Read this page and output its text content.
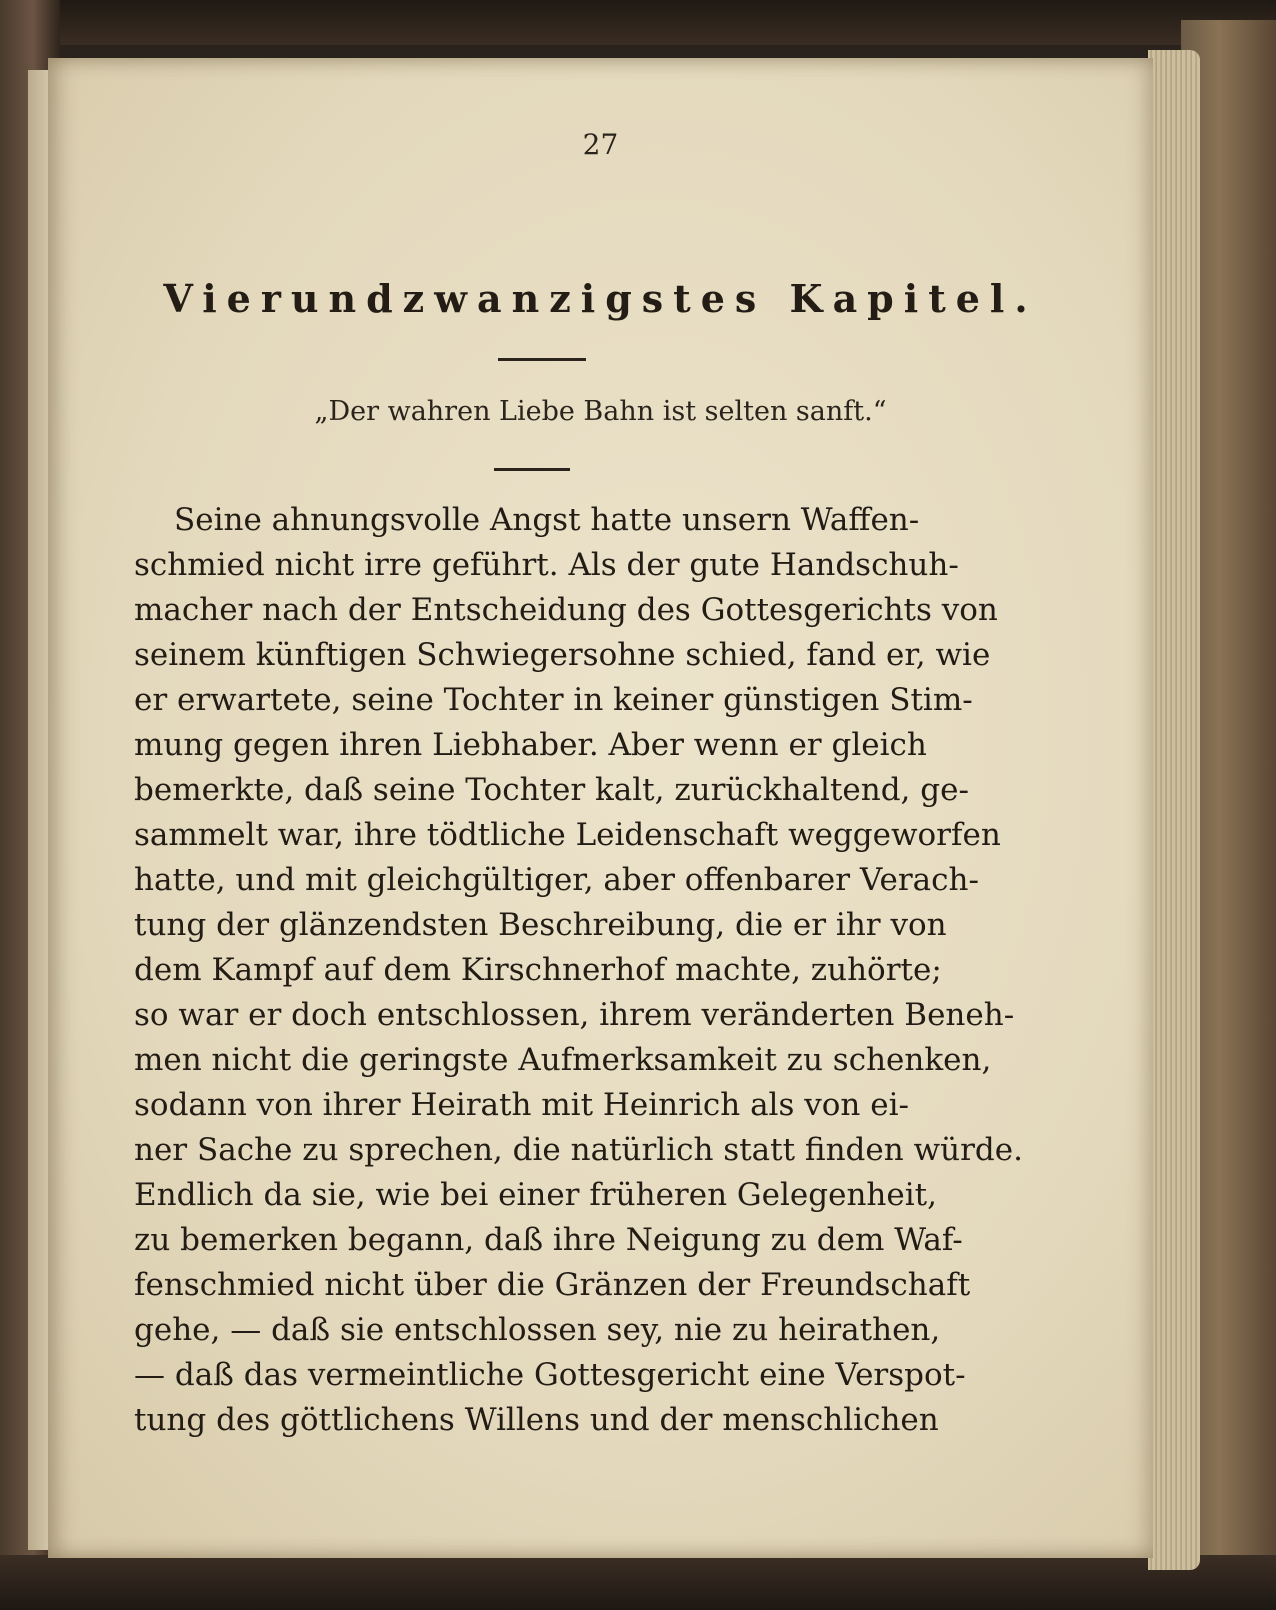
27
Vierundzwanzigstes Kapitel.
„Der wahren Liebe Bahn ist selten sanft.“
Seine ahnungsvolle Angst hatte unsern Waffen-
schmied nicht irre geführt. Als der gute Handschuh-
macher nach der Entscheidung des Gottesgerichts von
seinem künftigen Schwiegersohne schied, fand er, wie
er erwartete, seine Tochter in keiner günstigen Stim-
mung gegen ihren Liebhaber. Aber wenn er gleich
bemerkte, daß seine Tochter kalt, zurückhaltend, ge-
sammelt war, ihre tödtliche Leidenschaft weggeworfen
hatte, und mit gleichgültiger, aber offenbarer Verach-
tung der glänzendsten Beschreibung, die er ihr von
dem Kampf auf dem Kirschnerhof machte, zuhörte;
so war er doch entschlossen, ihrem veränderten Beneh-
men nicht die geringste Aufmerksamkeit zu schenken,
sodann von ihrer Heirath mit Heinrich als von ei-
ner Sache zu sprechen, die natürlich statt finden würde.
Endlich da sie, wie bei einer früheren Gelegenheit,
zu bemerken begann, daß ihre Neigung zu dem Waf-
fenschmied nicht über die Gränzen der Freundschaft
gehe, — daß sie entschlossen sey, nie zu heirathen,
— daß das vermeintliche Gottesgericht eine Verspot-
tung des göttlichens Willens und der menschlichen
